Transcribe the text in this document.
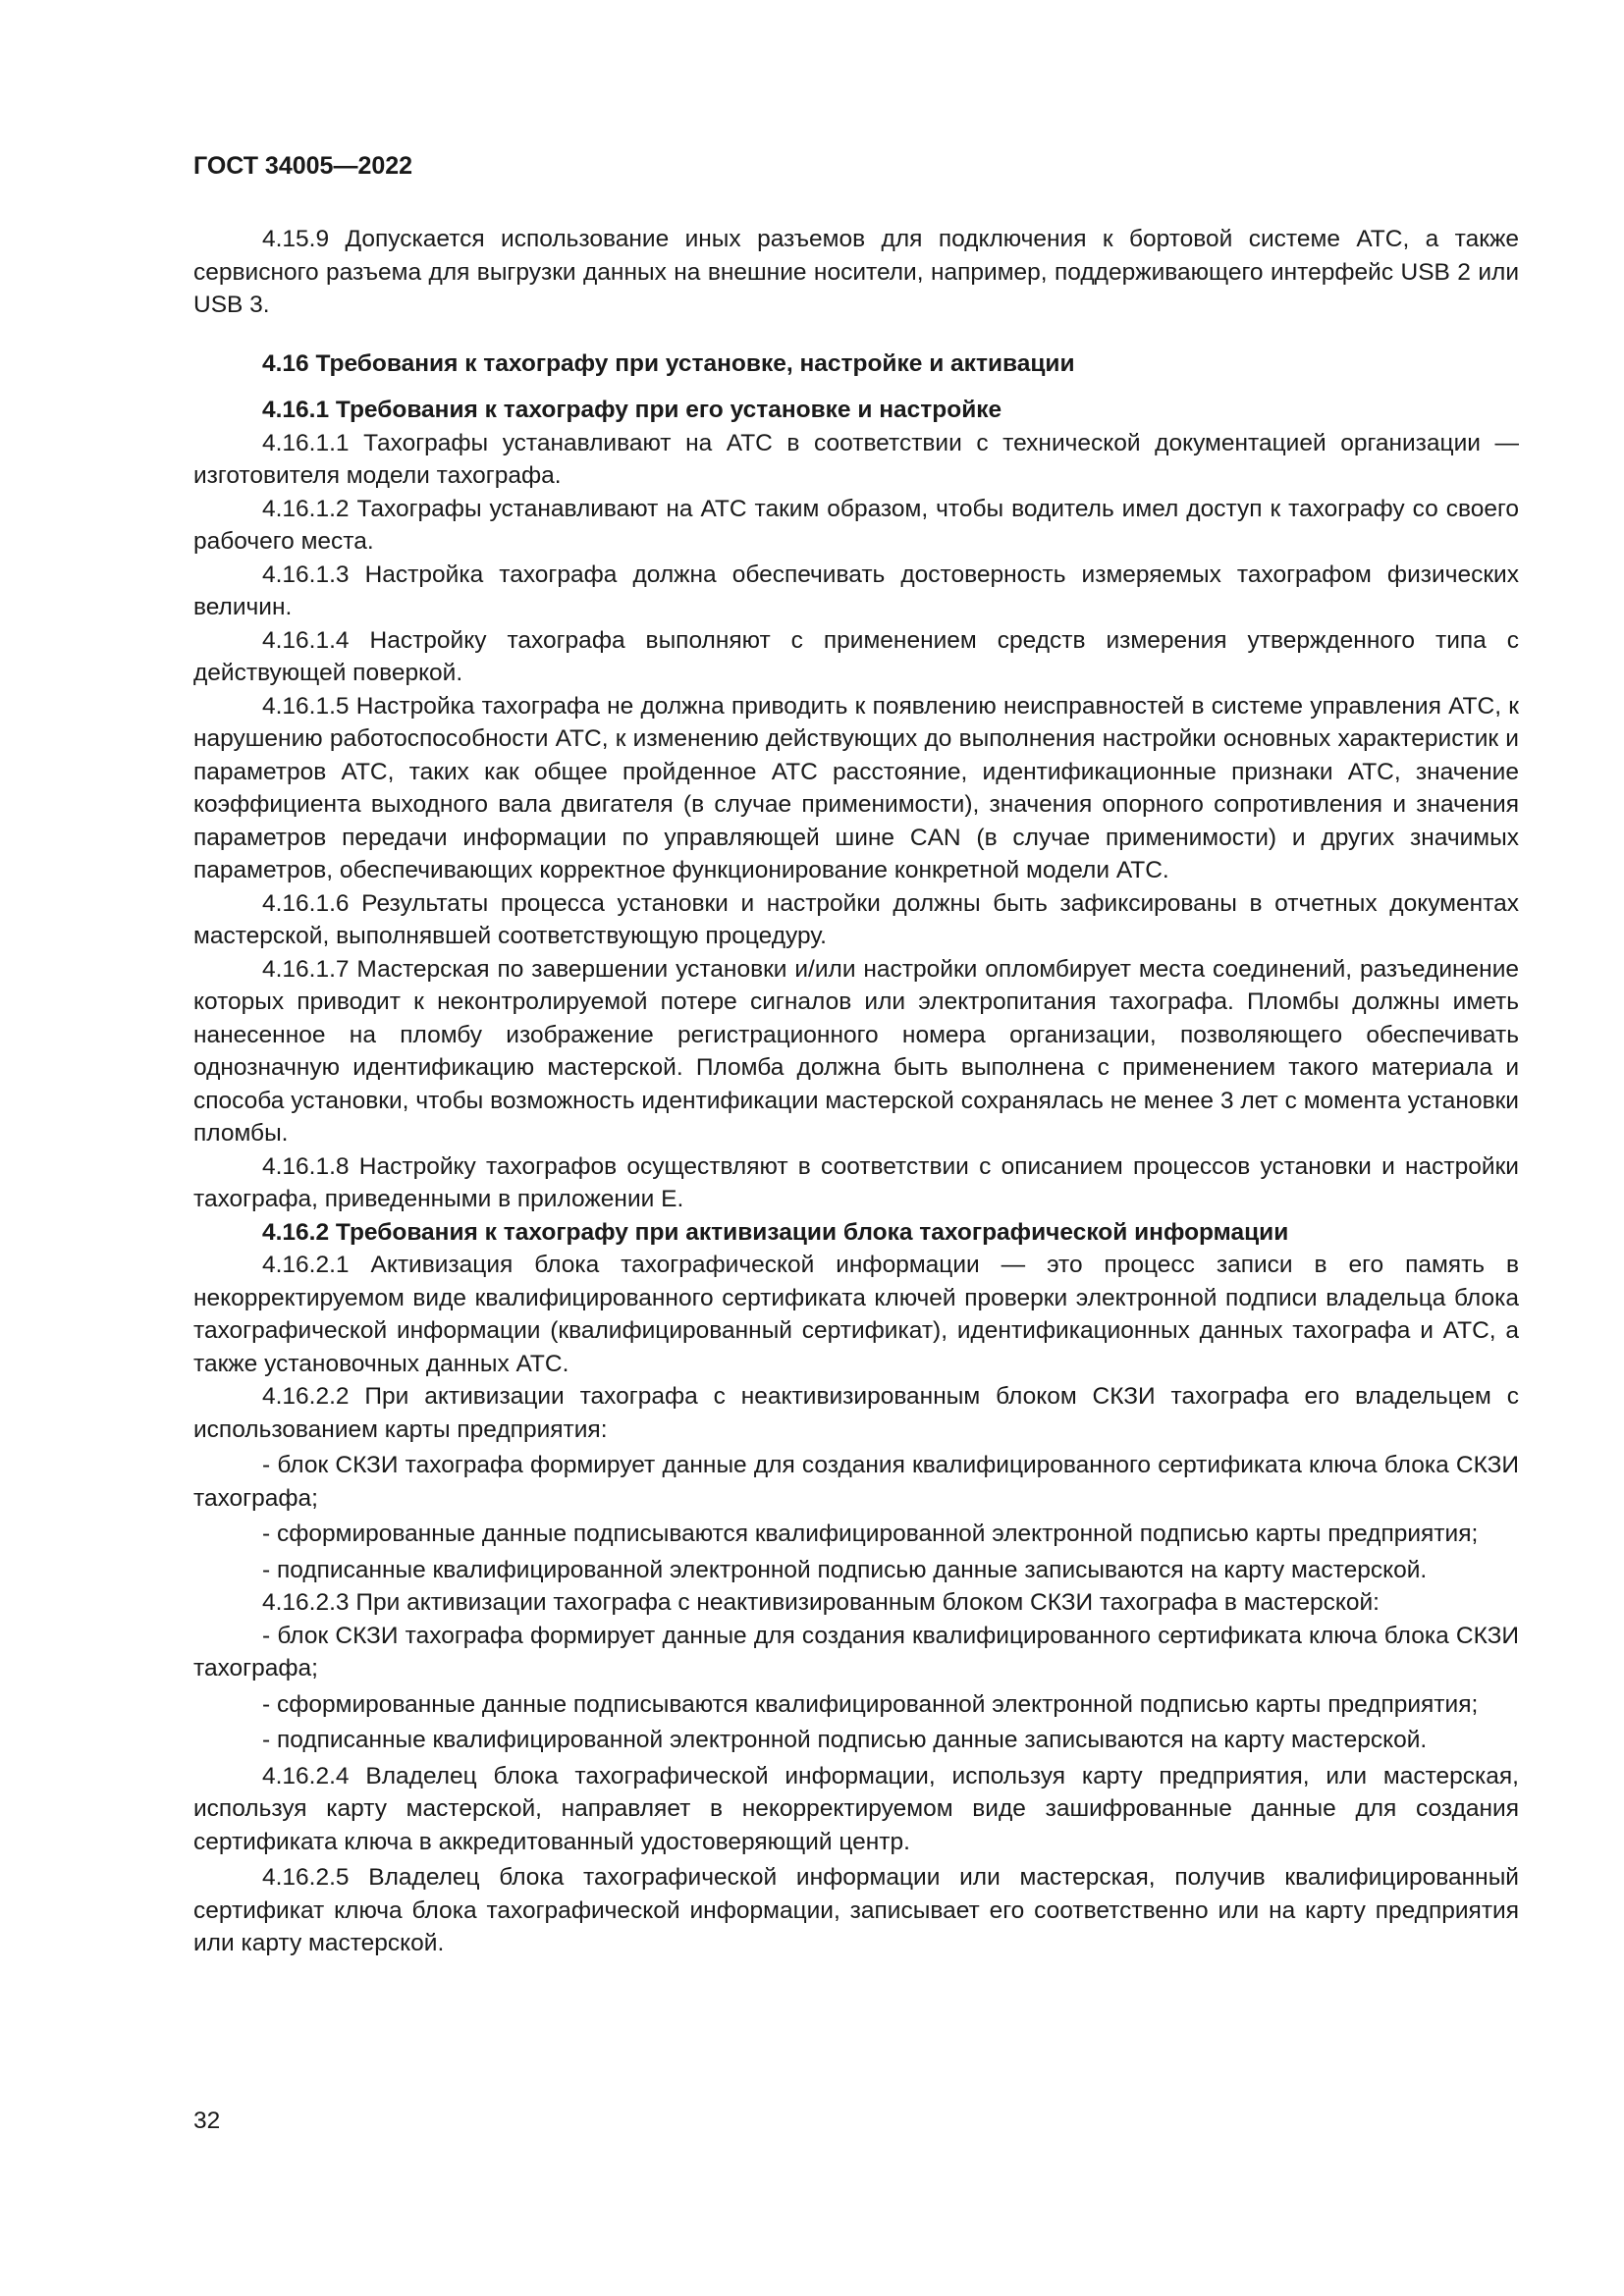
ГОСТ 34005—2022

4.15.9 Допускается использование иных разъемов для подключения к бортовой системе АТС, а также сервисного разъема для выгрузки данных на внешние носители, например, поддерживающего интерфейс USB 2 или USB 3.

4.16 Требования к тахографу при установке, настройке и активации

4.16.1 Требования к тахографу при его установке и настройке

4.16.1.1 Тахографы устанавливают на АТС в соответствии с технической документацией организации — изготовителя модели тахографа.

4.16.1.2 Тахографы устанавливают на АТС таким образом, чтобы водитель имел доступ к тахографу со своего рабочего места.

4.16.1.3 Настройка тахографа должна обеспечивать достоверность измеряемых тахографом физических величин.

4.16.1.4 Настройку тахографа выполняют с применением средств измерения утвержденного типа с действующей поверкой.

4.16.1.5 Настройка тахографа не должна приводить к появлению неисправностей в системе управления АТС, к нарушению работоспособности АТС, к изменению действующих до выполнения настройки основных характеристик и параметров АТС, таких как общее пройденное АТС расстояние, идентификационные признаки АТС, значение коэффициента выходного вала двигателя (в случае применимости), значения опорного сопротивления и значения параметров передачи информации по управляющей шине CAN (в случае применимости) и других значимых параметров, обеспечивающих корректное функционирование конкретной модели АТС.

4.16.1.6 Результаты процесса установки и настройки должны быть зафиксированы в отчетных документах мастерской, выполнявшей соответствующую процедуру.

4.16.1.7 Мастерская по завершении установки и/или настройки опломбирует места соединений, разъединение которых приводит к неконтролируемой потере сигналов или электропитания тахографа. Пломбы должны иметь нанесенное на пломбу изображение регистрационного номера организации, позволяющего обеспечивать однозначную идентификацию мастерской. Пломба должна быть выполнена с применением такого материала и способа установки, чтобы возможность идентификации мастерской сохранялась не менее 3 лет с момента установки пломбы.

4.16.1.8 Настройку тахографов осуществляют в соответствии с описанием процессов установки и настройки тахографа, приведенными в приложении Е.

4.16.2 Требования к тахографу при активизации блока тахографической информации

4.16.2.1 Активизация блока тахографической информации — это процесс записи в его память в некорректируемом виде квалифицированного сертификата ключей проверки электронной подписи владельца блока тахографической информации (квалифицированный сертификат), идентификационных данных тахографа и АТС, а также установочных данных АТС.

4.16.2.2 При активизации тахографа с неактивизированным блоком СКЗИ тахографа его владельцем с использованием карты предприятия:

- блок СКЗИ тахографа формирует данные для создания квалифицированного сертификата ключа блока СКЗИ тахографа;

- сформированные данные подписываются квалифицированной электронной подписью карты предприятия;

- подписанные квалифицированной электронной подписью данные записываются на карту мастерской.

4.16.2.3 При активизации тахографа с неактивизированным блоком СКЗИ тахографа в мастерской:

- блок СКЗИ тахографа формирует данные для создания квалифицированного сертификата ключа блока СКЗИ тахографа;

- сформированные данные подписываются квалифицированной электронной подписью карты предприятия;

- подписанные квалифицированной электронной подписью данные записываются на карту мастерской.

4.16.2.4 Владелец блока тахографической информации, используя карту предприятия, или мастерская, используя карту мастерской, направляет в некорректируемом виде зашифрованные данные для создания сертификата ключа в аккредитованный удостоверяющий центр.

4.16.2.5 Владелец блока тахографической информации или мастерская, получив квалифицированный сертификат ключа блока тахографической информации, записывает его соответственно или на карту предприятия или карту мастерской.

32
